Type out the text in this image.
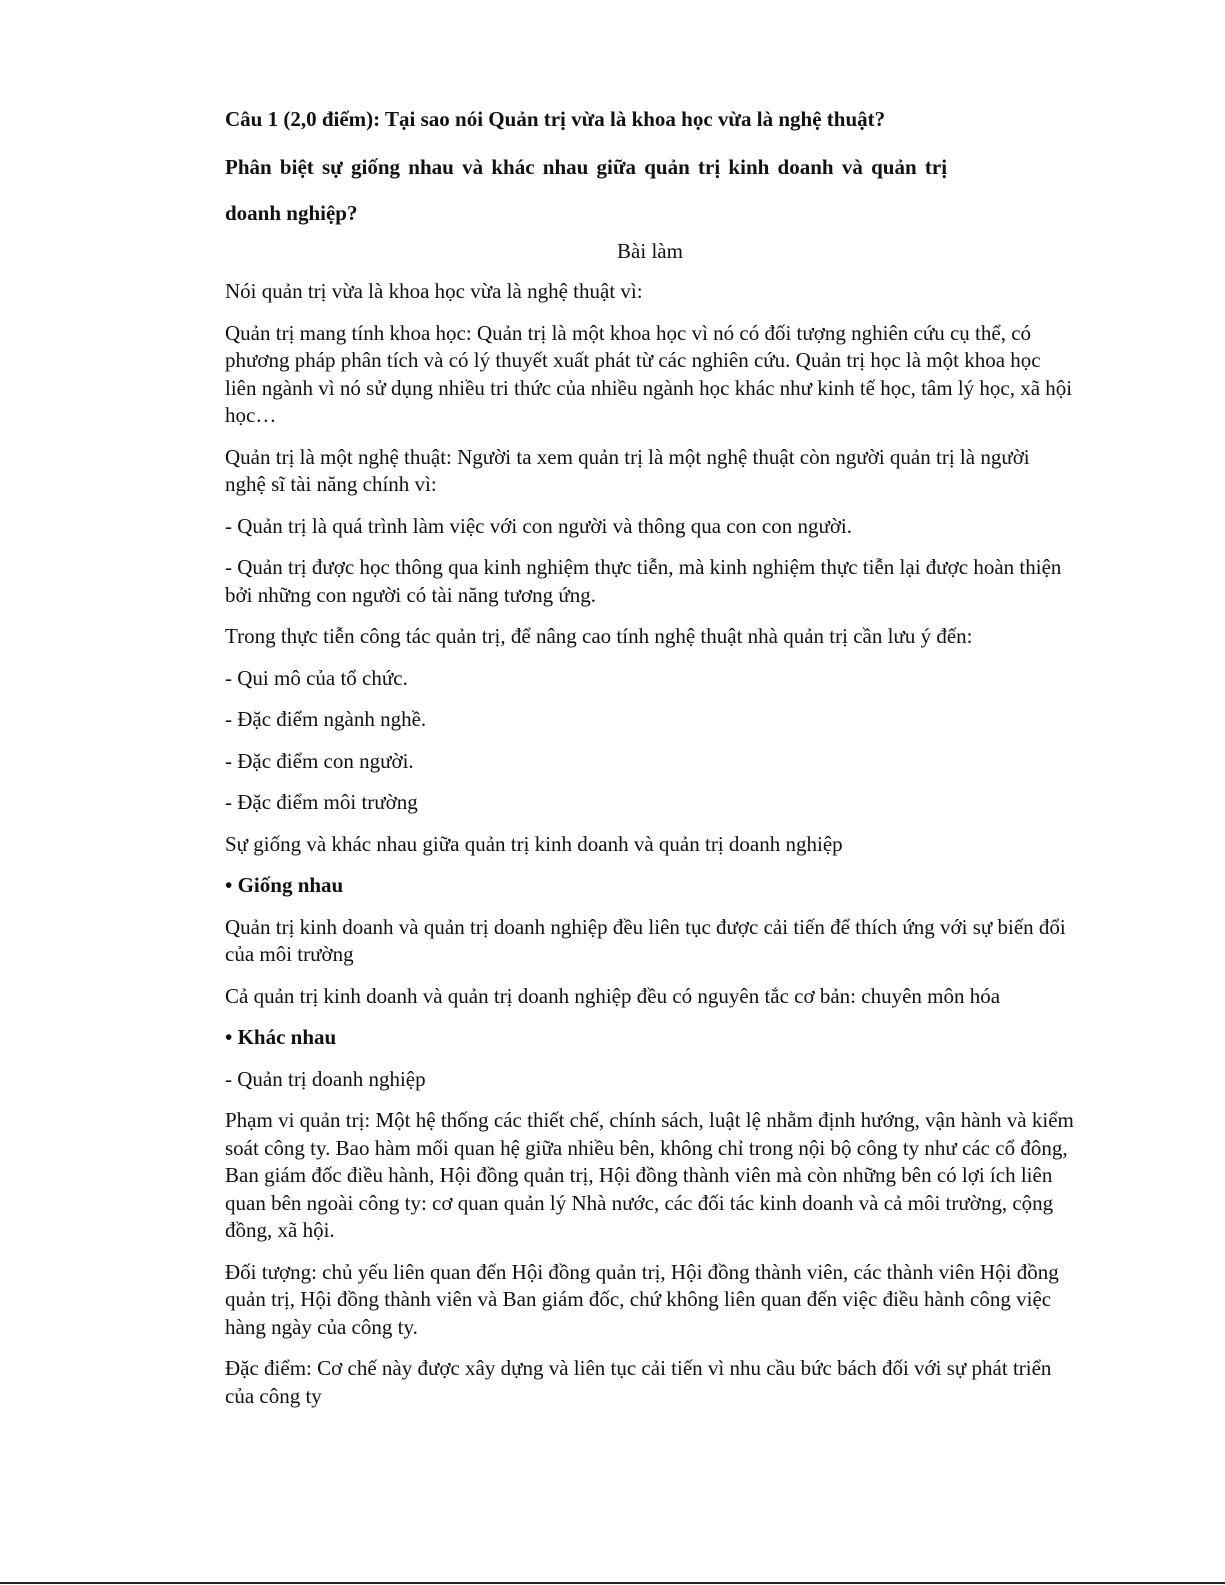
Câu 1 (2,0 điểm): Tại sao nói Quản trị vừa là khoa học vừa là nghệ thuật?

Phân biệt sự giống nhau và khác nhau giữa quản trị kinh doanh và quản trị

doanh nghiệp?

Bài làm

Nói quản trị vừa là khoa học vừa là nghệ thuật vì:

Quản trị mang tính khoa học: Quản trị là một khoa học vì nó có đối tượng nghiên cứu cụ thể, có phương pháp phân tích và có lý thuyết xuất phát từ các nghiên cứu. Quản trị học là một khoa học liên ngành vì nó sử dụng nhiều tri thức của nhiều ngành học khác như kinh tế học, tâm lý học, xã hội học…

Quản trị là một nghệ thuật: Người ta xem quản trị là một nghệ thuật còn người quản trị là người nghệ sĩ tài năng chính vì:

- Quản trị là quá trình làm việc với con người và thông qua con con người.

- Quản trị được học thông qua kinh nghiệm thực tiễn, mà kinh nghiệm thực tiễn lại được hoàn thiện bởi những con người có tài năng tương ứng.

Trong thực tiễn công tác quản trị, để nâng cao tính nghệ thuật nhà quản trị cần lưu ý đến:

- Qui mô của tổ chức.

- Đặc điểm ngành nghề.

- Đặc điểm con người.

- Đặc điểm môi trường

Sự giống và khác nhau giữa quản trị kinh doanh và quản trị doanh nghiệp

• Giống nhau

Quản trị kinh doanh và quản trị doanh nghiệp đều liên tục được cải tiến để thích ứng với sự biến đổi của môi trường

Cả quản trị kinh doanh và quản trị doanh nghiệp đều có nguyên tắc cơ bản: chuyên môn hóa

• Khác nhau

- Quản trị doanh nghiệp

Phạm vi quản trị: Một hệ thống các thiết chế, chính sách, luật lệ nhằm định hướng, vận hành và kiểm soát công ty. Bao hàm mối quan hệ giữa nhiều bên, không chỉ trong nội bộ công ty như các cổ đông, Ban giám đốc điều hành, Hội đồng quản trị, Hội đồng thành viên mà còn những bên có lợi ích liên quan bên ngoài công ty: cơ quan quản lý Nhà nước, các đối tác kinh doanh và cả môi trường, cộng đồng, xã hội.

Đối tượng: chủ yếu liên quan đến Hội đồng quản trị, Hội đồng thành viên, các thành viên Hội đồng quản trị, Hội đồng thành viên và Ban giám đốc, chứ không liên quan đến việc điều hành công việc hàng ngày của công ty.

Đặc điểm: Cơ chế này được xây dựng và liên tục cải tiến vì nhu cầu bức bách đối với sự phát triển của công ty
